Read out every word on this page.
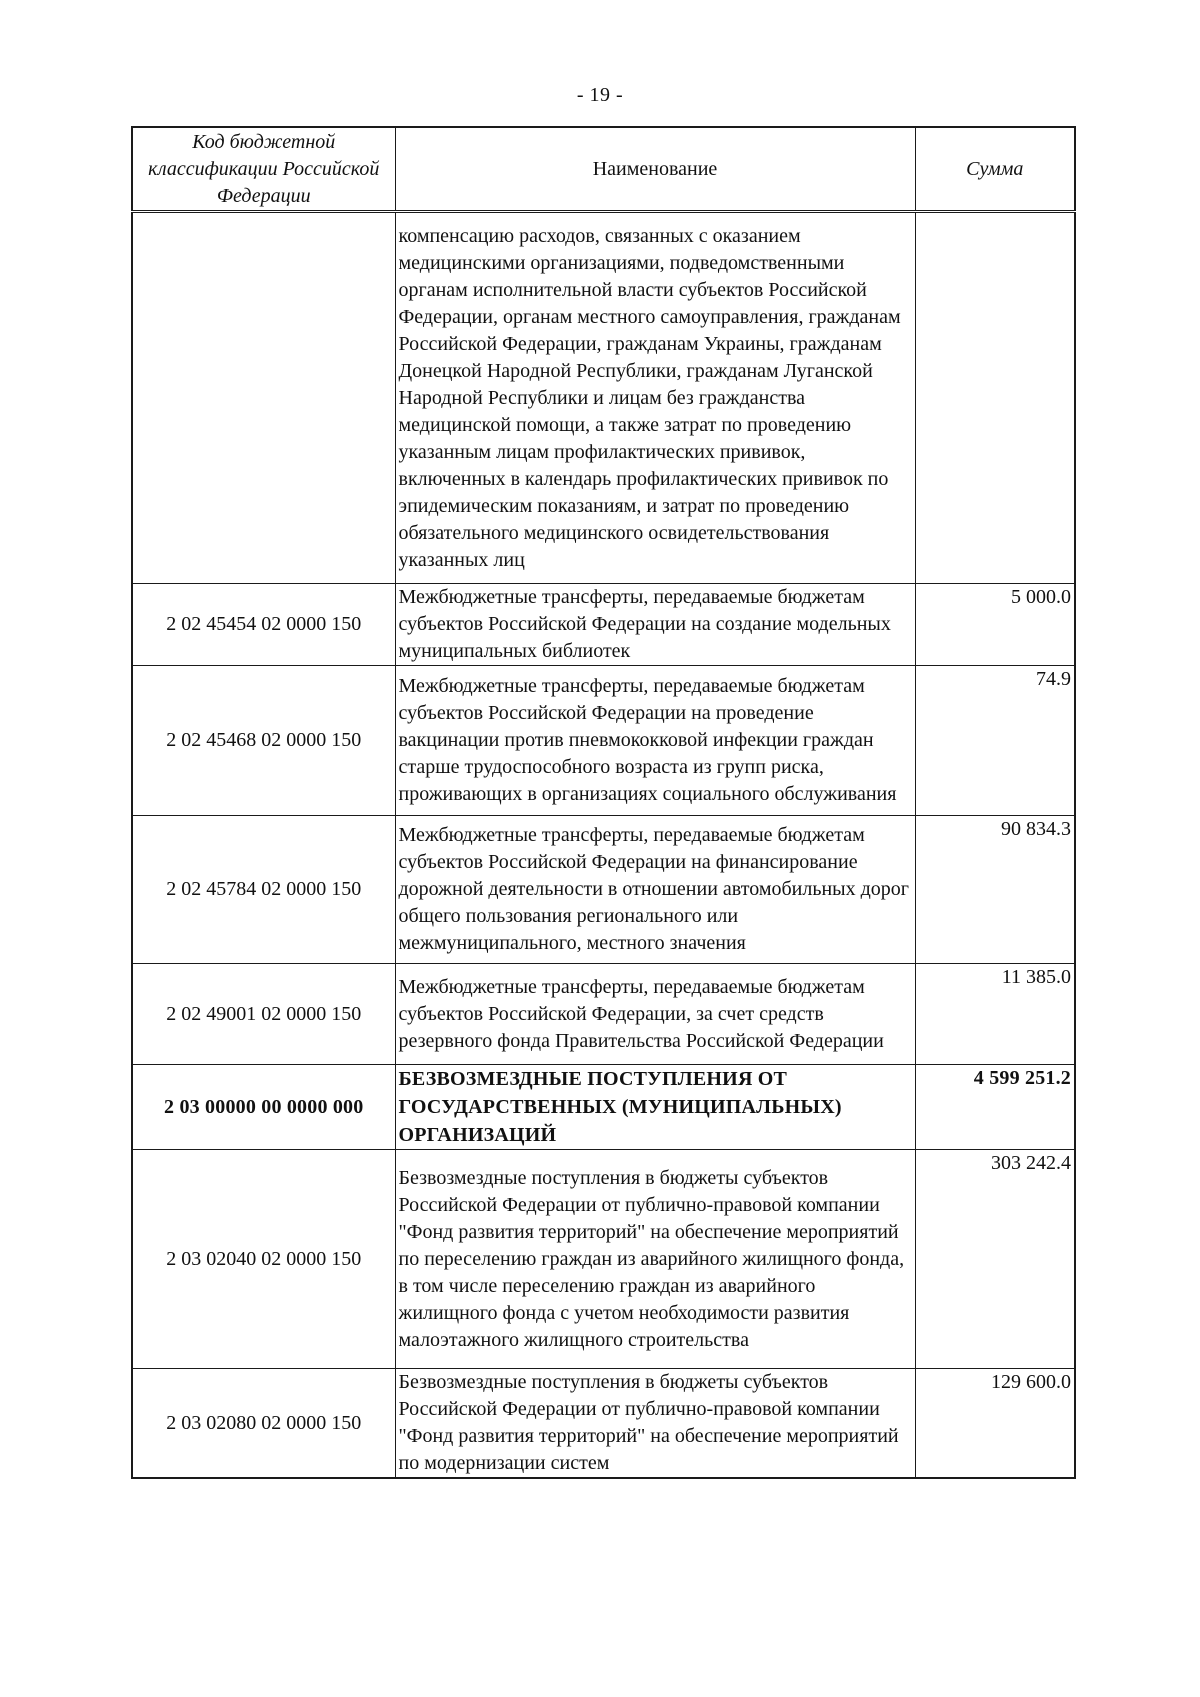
- 19 -
Код бюджетной классификации Российской Федерации	Наименование	Сумма
	компенсацию расходов, связанных с оказанием медицинскими организациями, подведомственными органам исполнительной власти субъектов Российской Федерации, органам местного самоуправления, гражданам Российской Федерации, гражданам Украины, гражданам Донецкой Народной Республики, гражданам Луганской Народной Республики и лицам без гражданства медицинской помощи, а также затрат по проведению указанным лицам профилактических прививок, включенных в календарь профилактических прививок по эпидемическим показаниям, и затрат по проведению обязательного медицинского освидетельствования указанных лиц	
2 02 45454 02 0000 150	Межбюджетные трансферты, передаваемые бюджетам субъектов Российской Федерации на создание модельных муниципальных библиотек	5 000.0
2 02 45468 02 0000 150	Межбюджетные трансферты, передаваемые бюджетам субъектов Российской Федерации на проведение вакцинации против пневмококковой инфекции граждан старше трудоспособного возраста из групп риска, проживающих в организациях социального обслуживания	74.9
2 02 45784 02 0000 150	Межбюджетные трансферты, передаваемые бюджетам субъектов Российской Федерации на финансирование дорожной деятельности в отношении автомобильных дорог общего пользования регионального или межмуниципального, местного значения	90 834.3
2 02 49001 02 0000 150	Межбюджетные трансферты, передаваемые бюджетам субъектов Российской Федерации, за счет средств резервного фонда Правительства Российской Федерации	11 385.0
2 03 00000 00 0000 000	БЕЗВОЗМЕЗДНЫЕ ПОСТУПЛЕНИЯ ОТ ГОСУДАРСТВЕННЫХ (МУНИЦИПАЛЬНЫХ) ОРГАНИЗАЦИЙ	4 599 251.2
2 03 02040 02 0000 150	Безвозмездные поступления в бюджеты субъектов Российской Федерации от публично-правовой компании "Фонд развития территорий" на обеспечение мероприятий по переселению граждан из аварийного жилищного фонда, в том числе переселению граждан из аварийного жилищного фонда с учетом необходимости развития малоэтажного жилищного строительства	303 242.4
2 03 02080 02 0000 150	Безвозмездные поступления в бюджеты субъектов Российской Федерации от публично-правовой компании "Фонд развития территорий" на обеспечение мероприятий по модернизации систем	129 600.0
